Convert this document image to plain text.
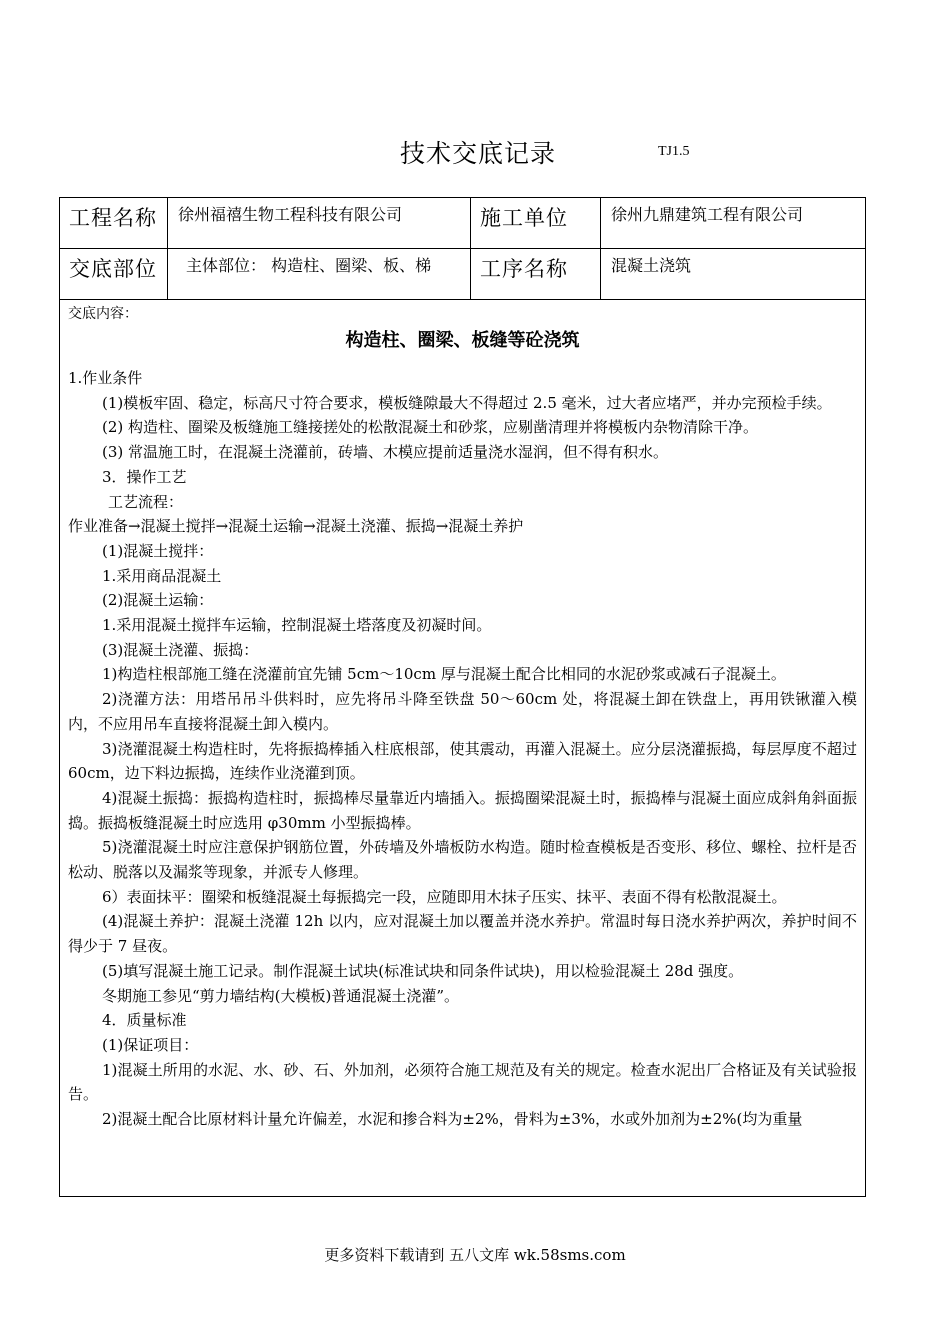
技术交底记录	TJ1.5
工程名称	徐州福禧生物工程科技有限公司	施工单位	徐州九鼎建筑工程有限公司
交底部位	主体部位： 构造柱、圈梁、板、梯	工序名称	混凝土浇筑
交底内容：
构造柱、圈梁、板缝等砼浇筑

1.作业条件

(1)模板牢固、稳定，标高尺寸符合要求，模板缝隙最大不得超过 2.5 毫米，过大者应堵严，并办完预检手续。

(2) 构造柱、圈梁及板缝施工缝接搓处的松散混凝土和砂浆，应剔凿清理并将模板内杂物清除干净。

(3) 常温施工时，在混凝土浇灌前，砖墙、木模应提前适量浇水湿润，但不得有积水。

3．操作工艺

工艺流程：

作业准备→混凝土搅拌→混凝土运输→混凝土浇灌、振捣→混凝土养护

(1)混凝土搅拌：

1.采用商品混凝土

(2)混凝土运输：

1.采用混凝土搅拌车运输，控制混凝土塔落度及初凝时间。

(3)混凝土浇灌、振捣：

1)构造柱根部施工缝在浇灌前宜先铺 5cm～10cm 厚与混凝土配合比相同的水泥砂浆或减石子混凝土。

2)浇灌方法：用塔吊吊斗供料时，应先将吊斗降至铁盘 50～60cm 处，将混凝土卸在铁盘上，再用铁锹灌入模内，不应用吊车直接将混凝土卸入模内。

3)浇灌混凝土构造柱时，先将振捣棒插入柱底根部，使其震动，再灌入混凝土。应分层浇灌振捣，每层厚度不超过 60cm，边下料边振捣，连续作业浇灌到顶。

4)混凝土振捣：振捣构造柱时，振捣棒尽量靠近内墙插入。振捣圈梁混凝土时，振捣棒与混凝土面应成斜角斜面振捣。振捣板缝混凝土时应选用 φ30mm 小型振捣棒。

5)浇灌混凝土时应注意保护钢筋位置，外砖墙及外墙板防水构造。随时检查模板是否变形、移位、螺栓、拉杆是否松动、脱落以及漏浆等现象，并派专人修理。

6）表面抹平：圈梁和板缝混凝土每振捣完一段，应随即用木抹子压实、抹平、表面不得有松散混凝土。

(4)混凝土养护：混凝土浇灌 12h 以内，应对混凝土加以覆盖并浇水养护。常温时每日浇水养护两次，养护时间不得少于 7 昼夜。

(5)填写混凝土施工记录。制作混凝土试块(标准试块和同条件试块)，用以检验混凝土 28d 强度。

冬期施工参见“剪力墙结构(大模板)普通混凝土浇灌”。

4．质量标准

(1)保证项目：

1)混凝土所用的水泥、水、砂、石、外加剂，必须符合施工规范及有关的规定。检查水泥出厂合格证及有关试验报告。

2)混凝土配合比原材料计量允许偏差，水泥和掺合料为±2%，骨料为±3%，水或外加剂为±2%(均为重量

更多资料下载请到 五八文库 wk.58sms.com
